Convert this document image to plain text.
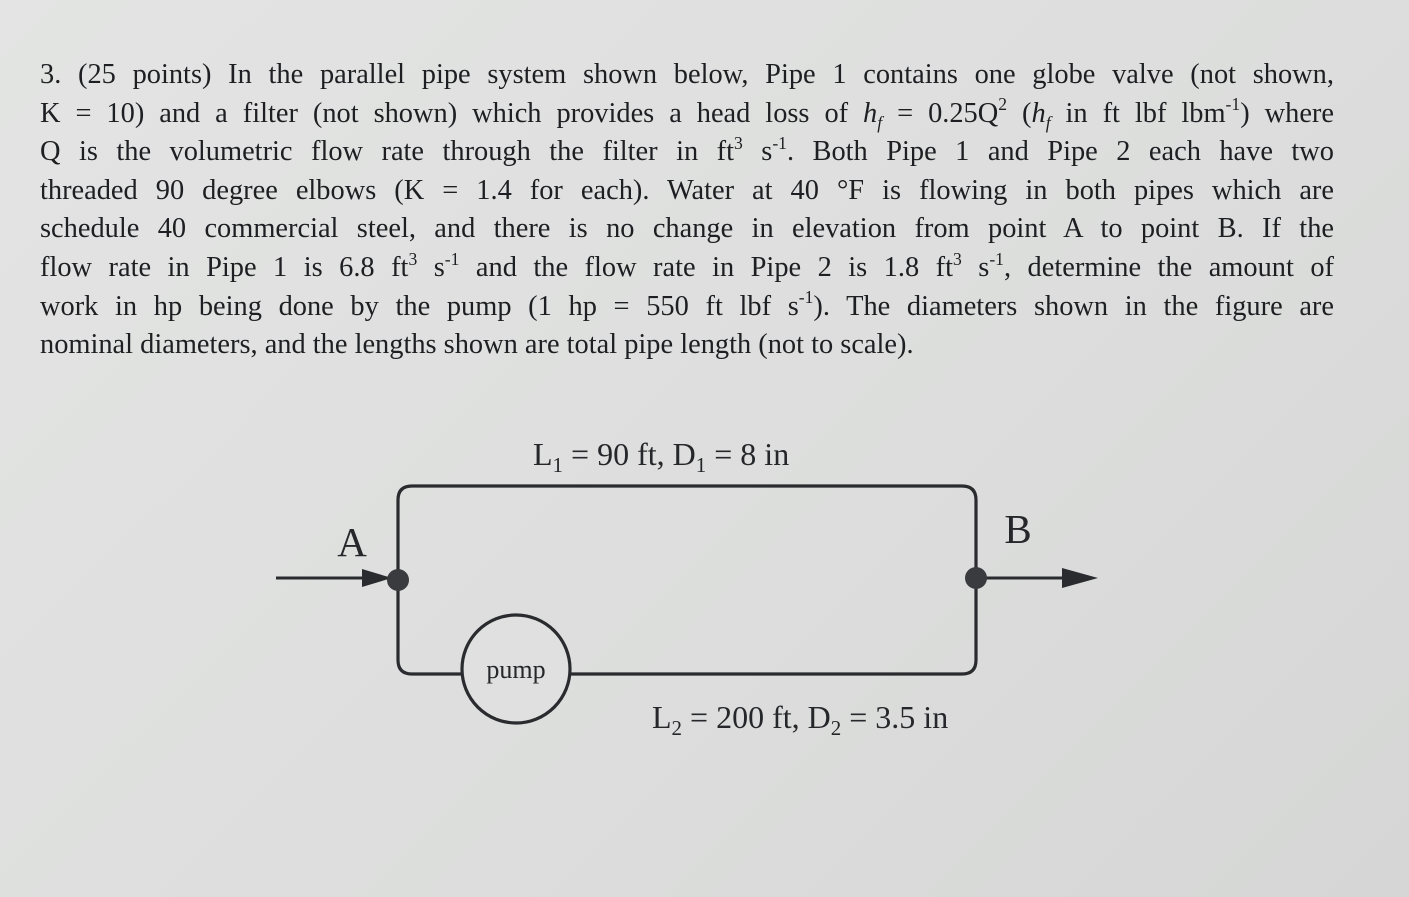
3. (25 points) In the parallel pipe system shown below, Pipe 1 contains one globe valve (not shown,
K = 10) and a filter (not shown) which provides a head loss of $h_f = 0.25Q^2$ ($h_f$ in ft lbf lbm$^{-1}$) where
Q is the volumetric flow rate through the filter in $ft^3$ $s^{-1}$. Both Pipe 1 and Pipe 2 each have two
threaded 90 degree elbows (K = 1.4 for each). Water at 40 °F is flowing in both pipes which are
schedule 40 commercial steel, and there is no change in elevation from point A to point B. If the
flow rate in Pipe 1 is 6.8 $ft^3$ $s^{-1}$ and the flow rate in Pipe 2 is 1.8 $ft^3$ $s^{-1}$, determine the amount of
work in hp being done by the pump (1 hp = 550 ft lbf $s^{-1}$). The diameters shown in the figure are
nominal diameters, and the lengths shown are total pipe length (not to scale).
pump
A	B
$L_1 = 90$ ft, $D_1 = 8$ in
$L_2 = 200$ ft, $D_2 = 3.5$ in
